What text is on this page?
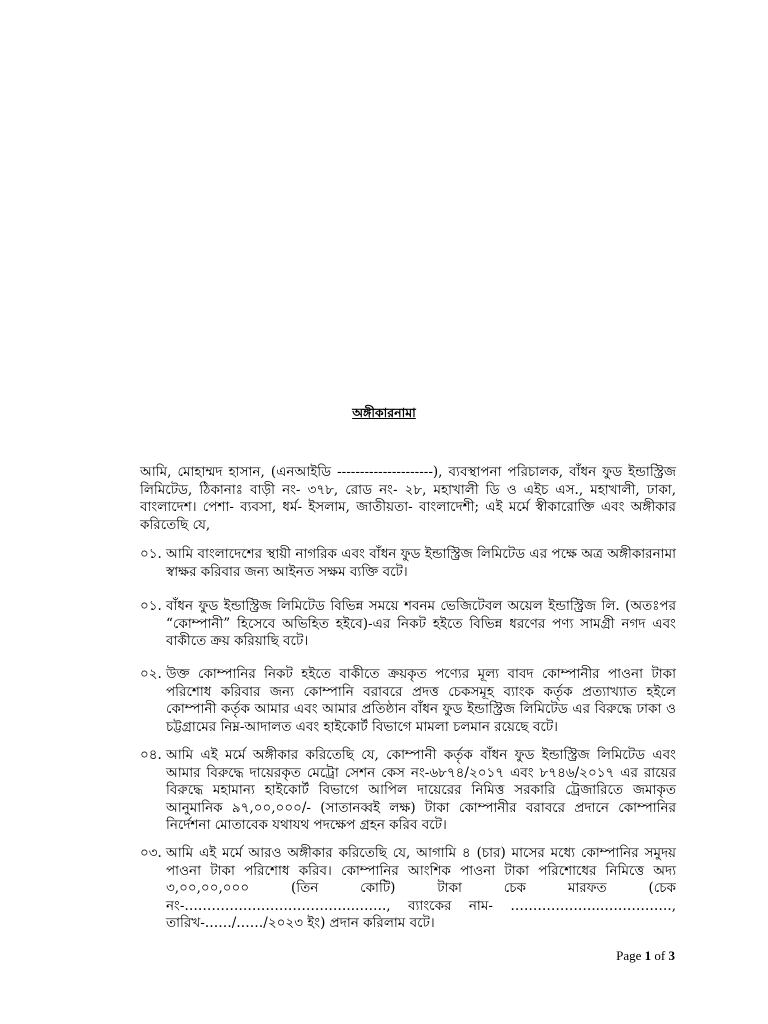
অঙ্গীকারনামা

আমি, মোহাম্মদ হাসান, (এনআইডি ---------------------), ব্যবস্থাপনা পরিচালক, বাঁধন ফুড ইন্ডাস্ট্রিজ লিমিটেড, ঠিকানাঃ বাড়ী নং- ৩৭৮, রোড নং- ২৮, মহাখালী ডি ও এইচ এস., মহাখালী, ঢাকা, বাংলাদেশ। পেশা- ব্যবসা, ধর্ম- ইসলাম, জাতীয়তা- বাংলাদেশী; এই মর্মে স্বীকারোক্তি এবং অঙ্গীকার করিতেছি যে,

০১. আমি বাংলাদেশের স্থায়ী নাগরিক এবং বাঁধন ফুড ইন্ডাস্ট্রিজ লিমিটেড এর পক্ষে অত্র অঙ্গীকারনামা স্বাক্ষর করিবার জন্য আইনত সক্ষম ব্যক্তি বটে।

০১. বাঁধন ফুড ইন্ডাস্ট্রিজ লিমিটেড বিভিন্ন সময়ে শবনম ভেজিটেবল অয়েল ইন্ডাস্ট্রিজ লি. (অতঃপর “কোম্পানী” হিসেবে অভিহিত হইবে)-এর নিকট হইতে বিভিন্ন ধরণের পণ্য সামগ্রী নগদ এবং বাকীতে ক্রয় করিয়াছি বটে।

০২. উক্ত কোম্পানির নিকট হইতে বাকীতে ক্রয়কৃত পণ্যের মূল্য বাবদ কোম্পানীর পাওনা টাকা পরিশোধ করিবার জন্য কোম্পানি বরাবরে প্রদত্ত চেকসমূহ ব্যাংক কর্তৃক প্রত্যাখ্যাত হইলে কোম্পানী কর্তৃক আমার এবং আমার প্রতিষ্ঠান বাঁধন ফুড ইন্ডাস্ট্রিজ লিমিটেড এর বিরুদ্ধে ঢাকা ও চট্টগ্রামের নিম্ন-আদালত এবং হাইকোর্ট বিভাগে মামলা চলমান রয়েছে বটে।

০৪. আমি এই মর্মে অঙ্গীকার করিতেছি যে, কোম্পানী কর্তৃক বাঁধন ফুড ইন্ডাস্ট্রিজ লিমিটেড এবং আমার বিরুদ্ধে দায়েরকৃত মেট্রো সেশন কেস নং-৬৮৭৪/২০১৭ এবং ৮৭৪৬/২০১৭ এর রায়ের বিরুদ্ধে মহামান্য হাইকোর্ট বিভাগে আপিল দায়েরের নিমিত্ত সরকারি ট্রেজারিতে জমাকৃত আনুমানিক ৯৭,০০,০০০/- (সাতানব্বই লক্ষ) টাকা কোম্পানীর বরাবরে প্রদানে কোম্পানির নির্দেশনা মোতাবেক যথাযথ পদক্ষেপ গ্রহন করিব বটে।

০৩. আমি এই মর্মে আরও অঙ্গীকার করিতেছি যে, আগামি ৪ (চার) মাসের মধ্যে কোম্পানির সমুদয় পাওনা টাকা পরিশোধ করিব। কোম্পানির আংশিক পাওনা টাকা পরিশোধের নিমিত্তে অদ্য ৩,০০,০০,০০০ (তিন কোটি) টাকা চেক মারফত (চেক নং-………………………………..……., ব্যাংকের নাম- ………………..……………., তারিখ-……/……/২০২৩ ইং) প্রদান করিলাম বটে।

Page 1 of 3
